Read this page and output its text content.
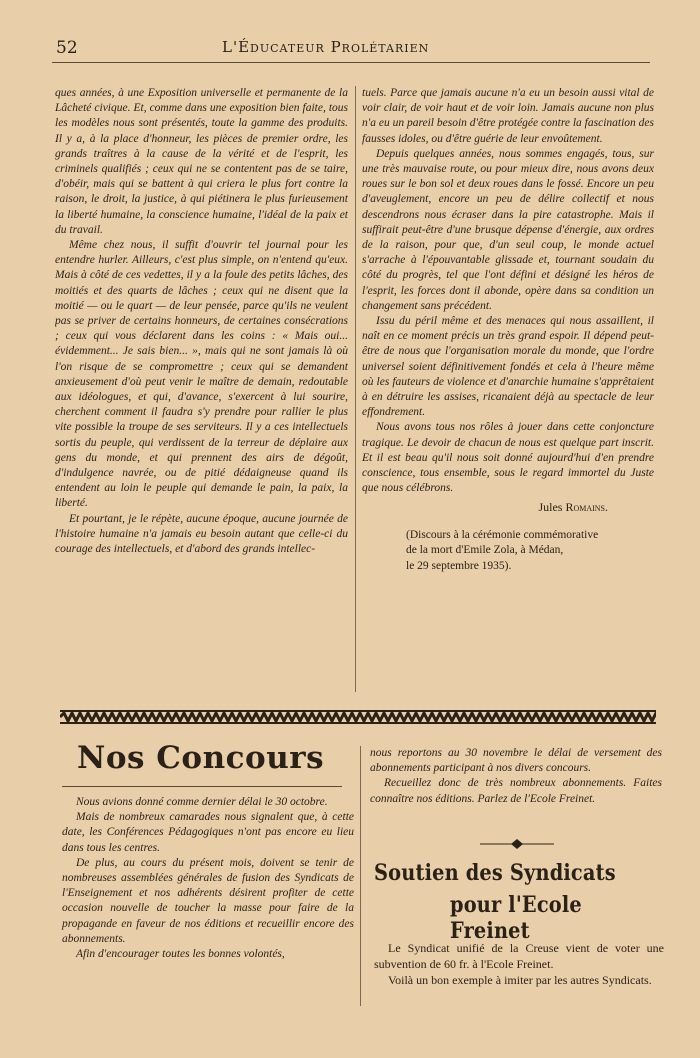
52	L'Éducateur Prolétarien

ques années, à une Exposition universelle et permanente de la Lâcheté civique. Et, comme dans une exposition bien faite, tous les modèles nous sont présentés, toute la gamme des produits. Il y a, à la place d'honneur, les pièces de premier ordre, les grands traîtres à la cause de la vérité et de l'esprit, les criminels qualifiés ; ceux qui ne se contentent pas de se taire, d'obéir, mais qui se battent à qui criera le plus fort contre la raison, le droit, la justice, à qui piétinera le plus furieusement la liberté humaine, la conscience humaine, l'idéal de la paix et du travail.

Même chez nous, il suffit d'ouvrir tel journal pour les entendre hurler. Ailleurs, c'est plus simple, on n'entend qu'eux. Mais à côté de ces vedettes, il y a la foule des petits lâches, des moitiés et des quarts de lâches ; ceux qui ne disent que la moitié — ou le quart — de leur pensée, parce qu'ils ne veulent pas se priver de certains honneurs, de certaines consécrations ; ceux qui vous déclarent dans les coins : « Mais oui... évidemment... Je sais bien... », mais qui ne sont jamais là où l'on risque de se compromettre ; ceux qui se demandent anxieusement d'où peut venir le maître de demain, redoutable aux idéologues, et qui, d'avance, s'exercent à lui sourire, cherchent comment il faudra s'y prendre pour rallier le plus vite possible la troupe de ses serviteurs. Il y a ces intellectuels sortis du peuple, qui verdissent de la terreur de déplaire aux gens du monde, et qui prennent des airs de dégoût, d'indulgence navrée, ou de pitié dédaigneuse quand ils entendent au loin le peuple qui demande le pain, la paix, la liberté.

Et pourtant, je le répète, aucune époque, aucune journée de l'histoire humaine n'a jamais eu besoin autant que celle-ci du courage des intellectuels, et d'abord des grands intellec-

tuels. Parce que jamais aucune n'a eu un besoin aussi vital de voir clair, de voir haut et de voir loin. Jamais aucune non plus n'a eu un pareil besoin d'être protégée contre la fascination des fausses idoles, ou d'être guérie de leur envoûtement.

Depuis quelques années, nous sommes engagés, tous, sur une très mauvaise route, ou pour mieux dire, nous avons deux roues sur le bon sol et deux roues dans le fossé. Encore un peu d'aveuglement, encore un peu de délire collectif et nous descendrons nous écraser dans la pire catastrophe. Mais il suffirait peut-être d'une brusque dépense d'énergie, aux ordres de la raison, pour que, d'un seul coup, le monde actuel s'arrache à l'épouvantable glissade et, tournant soudain du côté du progrès, tel que l'ont défini et désigné les héros de l'esprit, les forces dont il abonde, opère dans sa condition un changement sans précédent.

Issu du péril même et des menaces qui nous assaillent, il naît en ce moment précis un très grand espoir. Il dépend peut-être de nous que l'organisation morale du monde, que l'ordre universel soient définitivement fondés et cela à l'heure même où les fauteurs de violence et d'anarchie humaine s'apprêtaient à en détruire les assises, ricanaient déjà au spectacle de leur effondrement.

Nous avons tous nos rôles à jouer dans cette conjoncture tragique. Le devoir de chacun de nous est quelque part inscrit. Et il est beau qu'il nous soit donné aujourd'hui d'en prendre conscience, tous ensemble, sous le regard immortel du Juste que nous célébrons.

Jules Romains.
(Discours à la cérémonie commémorative
de la mort d'Emile Zola, à Médan,
le 29 septembre 1935).
Nos Concours

Nous avions donné comme dernier délai le 30 octobre.

Mais de nombreux camarades nous signalent que, à cette date, les Conférences Pédagogiques n'ont pas encore eu lieu dans tous les centres.

De plus, au cours du présent mois, doivent se tenir de nombreuses assemblées générales de fusion des Syndicats de l'Enseignement et nos adhérents désirent profiter de cette occasion nouvelle de toucher la masse pour faire de la propagande en faveur de nos éditions et recueillir encore des abonnements.

Afin d'encourager toutes les bonnes volontés,

nous reportons au 30 novembre le délai de versement des abonnements participant à nos divers concours.

Recueillez donc de très nombreux abonnements. Faites connaître nos éditions. Parlez de l'Ecole Freinet.

Soutien des Syndicats
pour l'Ecole Freinet

Le Syndicat unifié de la Creuse vient de voter une subvention de 60 fr. à l'Ecole Freinet.

Voilà un bon exemple à imiter par les autres Syndicats.
